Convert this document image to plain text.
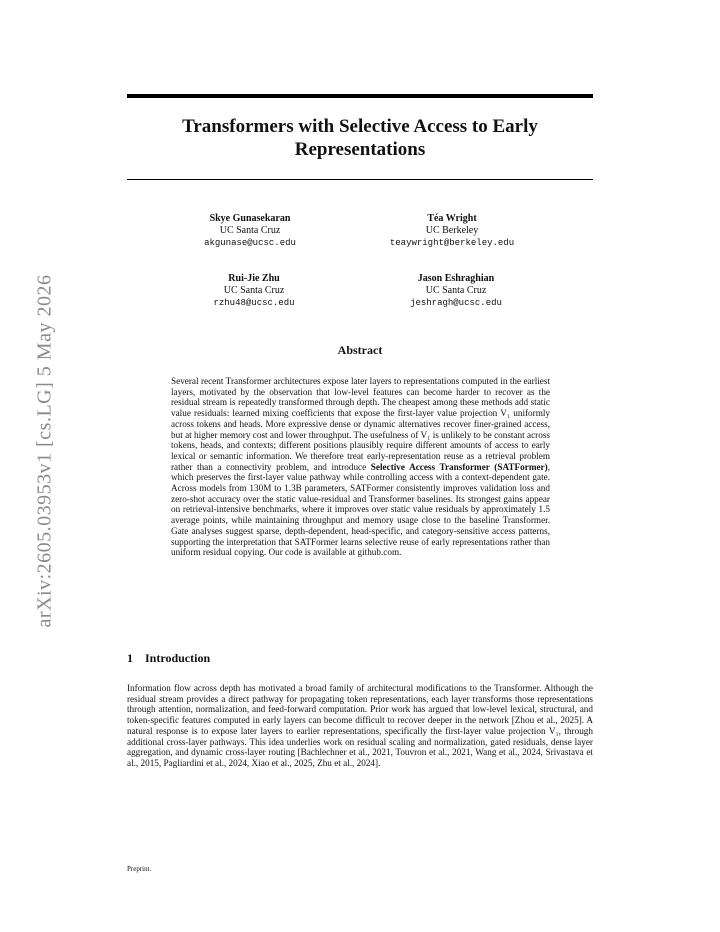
arXiv:2605.03953v1 [cs.LG] 5 May 2026
Transformers with Selective Access to Early
Representations
Skye Gunasekaran
UC Santa Cruz
akgunase@ucsc.edu
Téa Wright
UC Berkeley
teaywright@berkeley.edu
Rui-Jie Zhu
UC Santa Cruz
rzhu48@ucsc.edu
Jason Eshraghian
UC Santa Cruz
jeshragh@ucsc.edu
Abstract

Several recent Transformer architectures expose later layers to representations computed in the earliest layers, motivated by the observation that low-level features can become harder to recover as the residual stream is repeatedly transformed through depth. The cheapest among these methods add static value residuals: learned mixing coefficients that expose the first-layer value projection V₁ uniformly across tokens and heads. More expressive dense or dynamic alternatives recover finer-grained access, but at higher memory cost and lower throughput. The usefulness of V₁ is unlikely to be constant across tokens, heads, and contexts; different positions plausibly require different amounts of access to early lexical or semantic information. We therefore treat early-representation reuse as a retrieval problem rather than a connectivity problem, and introduce Selective Access Transformer (SATFormer), which preserves the first-layer value pathway while controlling access with a context-dependent gate. Across models from 130M to 1.3B parameters, SATFormer consistently improves validation loss and zero-shot accuracy over the static value-residual and Transformer baselines. Its strongest gains appear on retrieval-intensive benchmarks, where it improves over static value residuals by approximately 1.5 average points, while maintaining throughput and memory usage close to the baseline Transformer. Gate analyses suggest sparse, depth-dependent, head-specific, and category-sensitive access patterns, supporting the interpretation that SATFormer learns selective reuse of early representations rather than uniform residual copying. Our code is available at github.com.

1 Introduction

Information flow across depth has motivated a broad family of architectural modifications to the Transformer. Although the residual stream provides a direct pathway for propagating token representations, each layer transforms those representations through attention, normalization, and feed-forward computation. Prior work has argued that low-level lexical, structural, and token-specific features computed in early layers can become difficult to recover deeper in the network [Zhou et al., 2025]. A natural response is to expose later layers to earlier representations, specifically the first-layer value projection V₁, through additional cross-layer pathways. This idea underlies work on residual scaling and normalization, gated residuals, dense layer aggregation, and dynamic cross-layer routing [Bachlechner et al., 2021, Touvron et al., 2021, Wang et al., 2024, Srivastava et al., 2015, Pagliardini et al., 2024, Xiao et al., 2025, Zhu et al., 2024].

Preprint.
